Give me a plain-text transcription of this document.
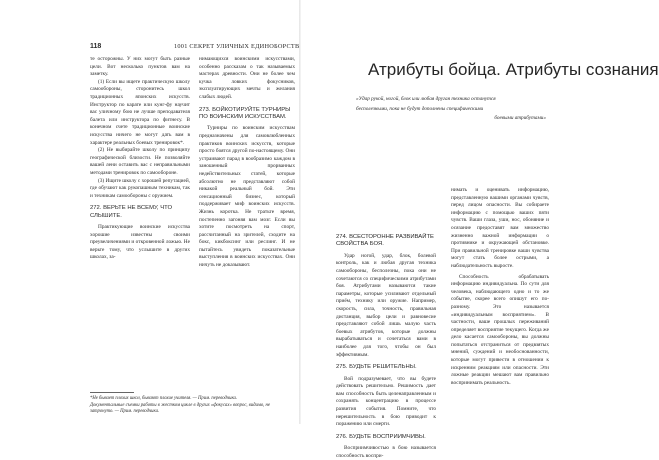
118	1001 СЕКРЕТ УЛИЧНЫХ ЕДИНОБОРСТВ

те осторожны. У них могут быть разные цели. Вот несколько пунктов вам на заметку.

(1) Если вы ищете практическую школу самообороны, сторонитесь школ традиционных японских искусств. Инструктор по карате или кунг-фу научит вас уличному бою не лучше преподавателя балета или инструктора по фитнесу. В конечном счете традиционные воинские искусства ничего не могут дать вам в характере реальных боевых тренировок*.

(2) Не выбирайте школу по принципу географической близости. Не позволяйте вашей лени оставить вас с неправильными методами тренировок по самообороне.

(3) Ищите школу с хорошей репутацией, где обучают как рукопашным техникам, так и техникам самообороны с оружием.

272. ВЕРЬТЕ НЕ ВСЕМУ, ЧТО СЛЫШИТЕ.

Практикующие воинские искусства хорошие известны своими преувеличениями и откровенной ложью. Не верьте тому, что услышите в других школах, за-

нимающихся воинскими искусствами, особенно рассказам о так называемых мастерах древности. Они не более чем кучка ловких фокусников, эксплуатирующих мечты и желания слабых людей.

273. БОЙКОТИРУЙТЕ ТУРНИРЫ ПО ВОИНСКИМ ИСКУССТВАМ.

Турниры по воинским искусствам предназначены для самовлюбленных практиков воинских искусств, которые просто боятся другой по-настоящему. Они устраивают парад в вообразимо каждом в заношенный прорванных недействительных статей, которые абсолютно не представляют собой никакой реальный бой. Эти сенсационный бизнес, который поддерживает миф воинских искусств. Жизнь коротка. Не тратьте время, постепенно загоняя вам мозг. Если вы хотите посмотреть на спорт, рассчитанный на зрителей, сходите на бокс, кикбоксинг или реслинг. И не пытайтесь увидеть показательные выступления в воинских искусствах. Они ничуть не доказывают.

*Не бывает плохих школ, бывают плохие учителя. — Прим. переводчика.
Документальные съемки работы в жестком цикле в других «фокусах» вопрос, видимо, не затронуто. — Прим. переводчика.
Атрибуты бойца. Атрибуты сознания
«Удар рукой, ногой, блок или любая другая техника останутся
бесполезными, пока не будут дополнены специфическими
боевыми атрибутами»

274. ВСЕСТОРОННЕ РАЗВИВАЙТЕ СВОЙСТВА БОЯ.

Удар ногой, удар, блок, болевой контроль, как и любая другая техника самообороны, бесполезны, пока они не сочетаются со специфическими атрибутами боя. Атрибутами называются такие параметры, которые усиливают отдельный приём, технику или оружие. Например, скорость, сила, точность, правильная дистанция, выбор цели и равновесие представляют собой лишь малую часть боевых атрибутов, которые должны вырабатываться и сочетаться вами в наиболее для того, чтобы он был эффективным.

275. БУДЬТЕ РЕШИТЕЛЬНЫ.

Вой подразумевает, что вы будете действовать решительно. Решимость дает вам способность быть целенаправленным и сохранять концентрацию в процессе развития события. Помните, что нерешительность в бою приводит к поражению или смерти.

276. БУДЬТЕ ВОСПРИИМЧИВЫ.

Восприимчивостью в бою называется способность воспри-

нимать и оценивать информацию, представленную вашими органами чувств, перед лицом опасности. Вы собираете информацию с помощью ваших пяти чувств. Ваши глаза, уши, нос, обоняние и осязание предоставят вам множество жизненно важной информации о противнике и окружающей обстановке. При правильной тренировке ваши чувства могут стать более острыми, а наблюдательность выросте.

Способность обрабатывать информацию индивидуальна. По сути для человека, наблюдающего одно и то же событие, скорее всего опишут его по-разному. Это называется «индивидуальным восприятием». В частности, ваше прошлых переживаний определяет восприятие текущего. Когда же дело касается самообороны, вы должны попытаться отстраниться от предвзятых мнений, суждений и необоснованности, которые могут привести в отношении к искренним реакциям или опасности. Эти ложные реакции мешают вам правильно воспринимать реальность.
